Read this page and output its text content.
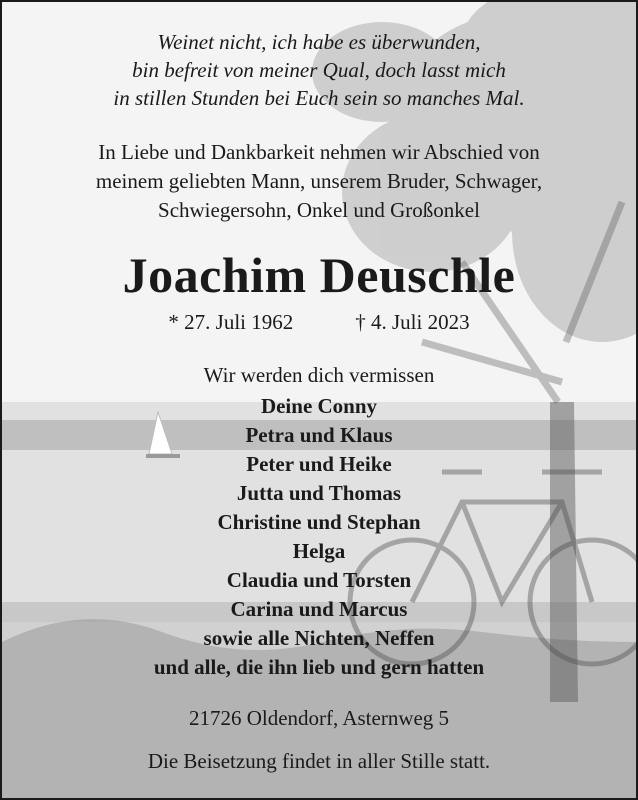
Weinet nicht, ich habe es überwunden,
bin befreit von meiner Qual, doch lasst mich
in stillen Stunden bei Euch sein so manches Mal.
In Liebe und Dankbarkeit nehmen wir Abschied von
meinem geliebten Mann, unserem Bruder, Schwager,
Schwiegersohn, Onkel und Großonkel
Joachim Deuschle
* 27. Juli 1962	† 4. Juli 2023
Wir werden dich vermissen
Deine Conny
Petra und Klaus
Peter und Heike
Jutta und Thomas
Christine und Stephan
Helga
Claudia und Torsten
Carina und Marcus
sowie alle Nichten, Neffen
und alle, die ihn lieb und gern hatten
21726 Oldendorf, Asternweg 5
Die Beisetzung findet in aller Stille statt.
